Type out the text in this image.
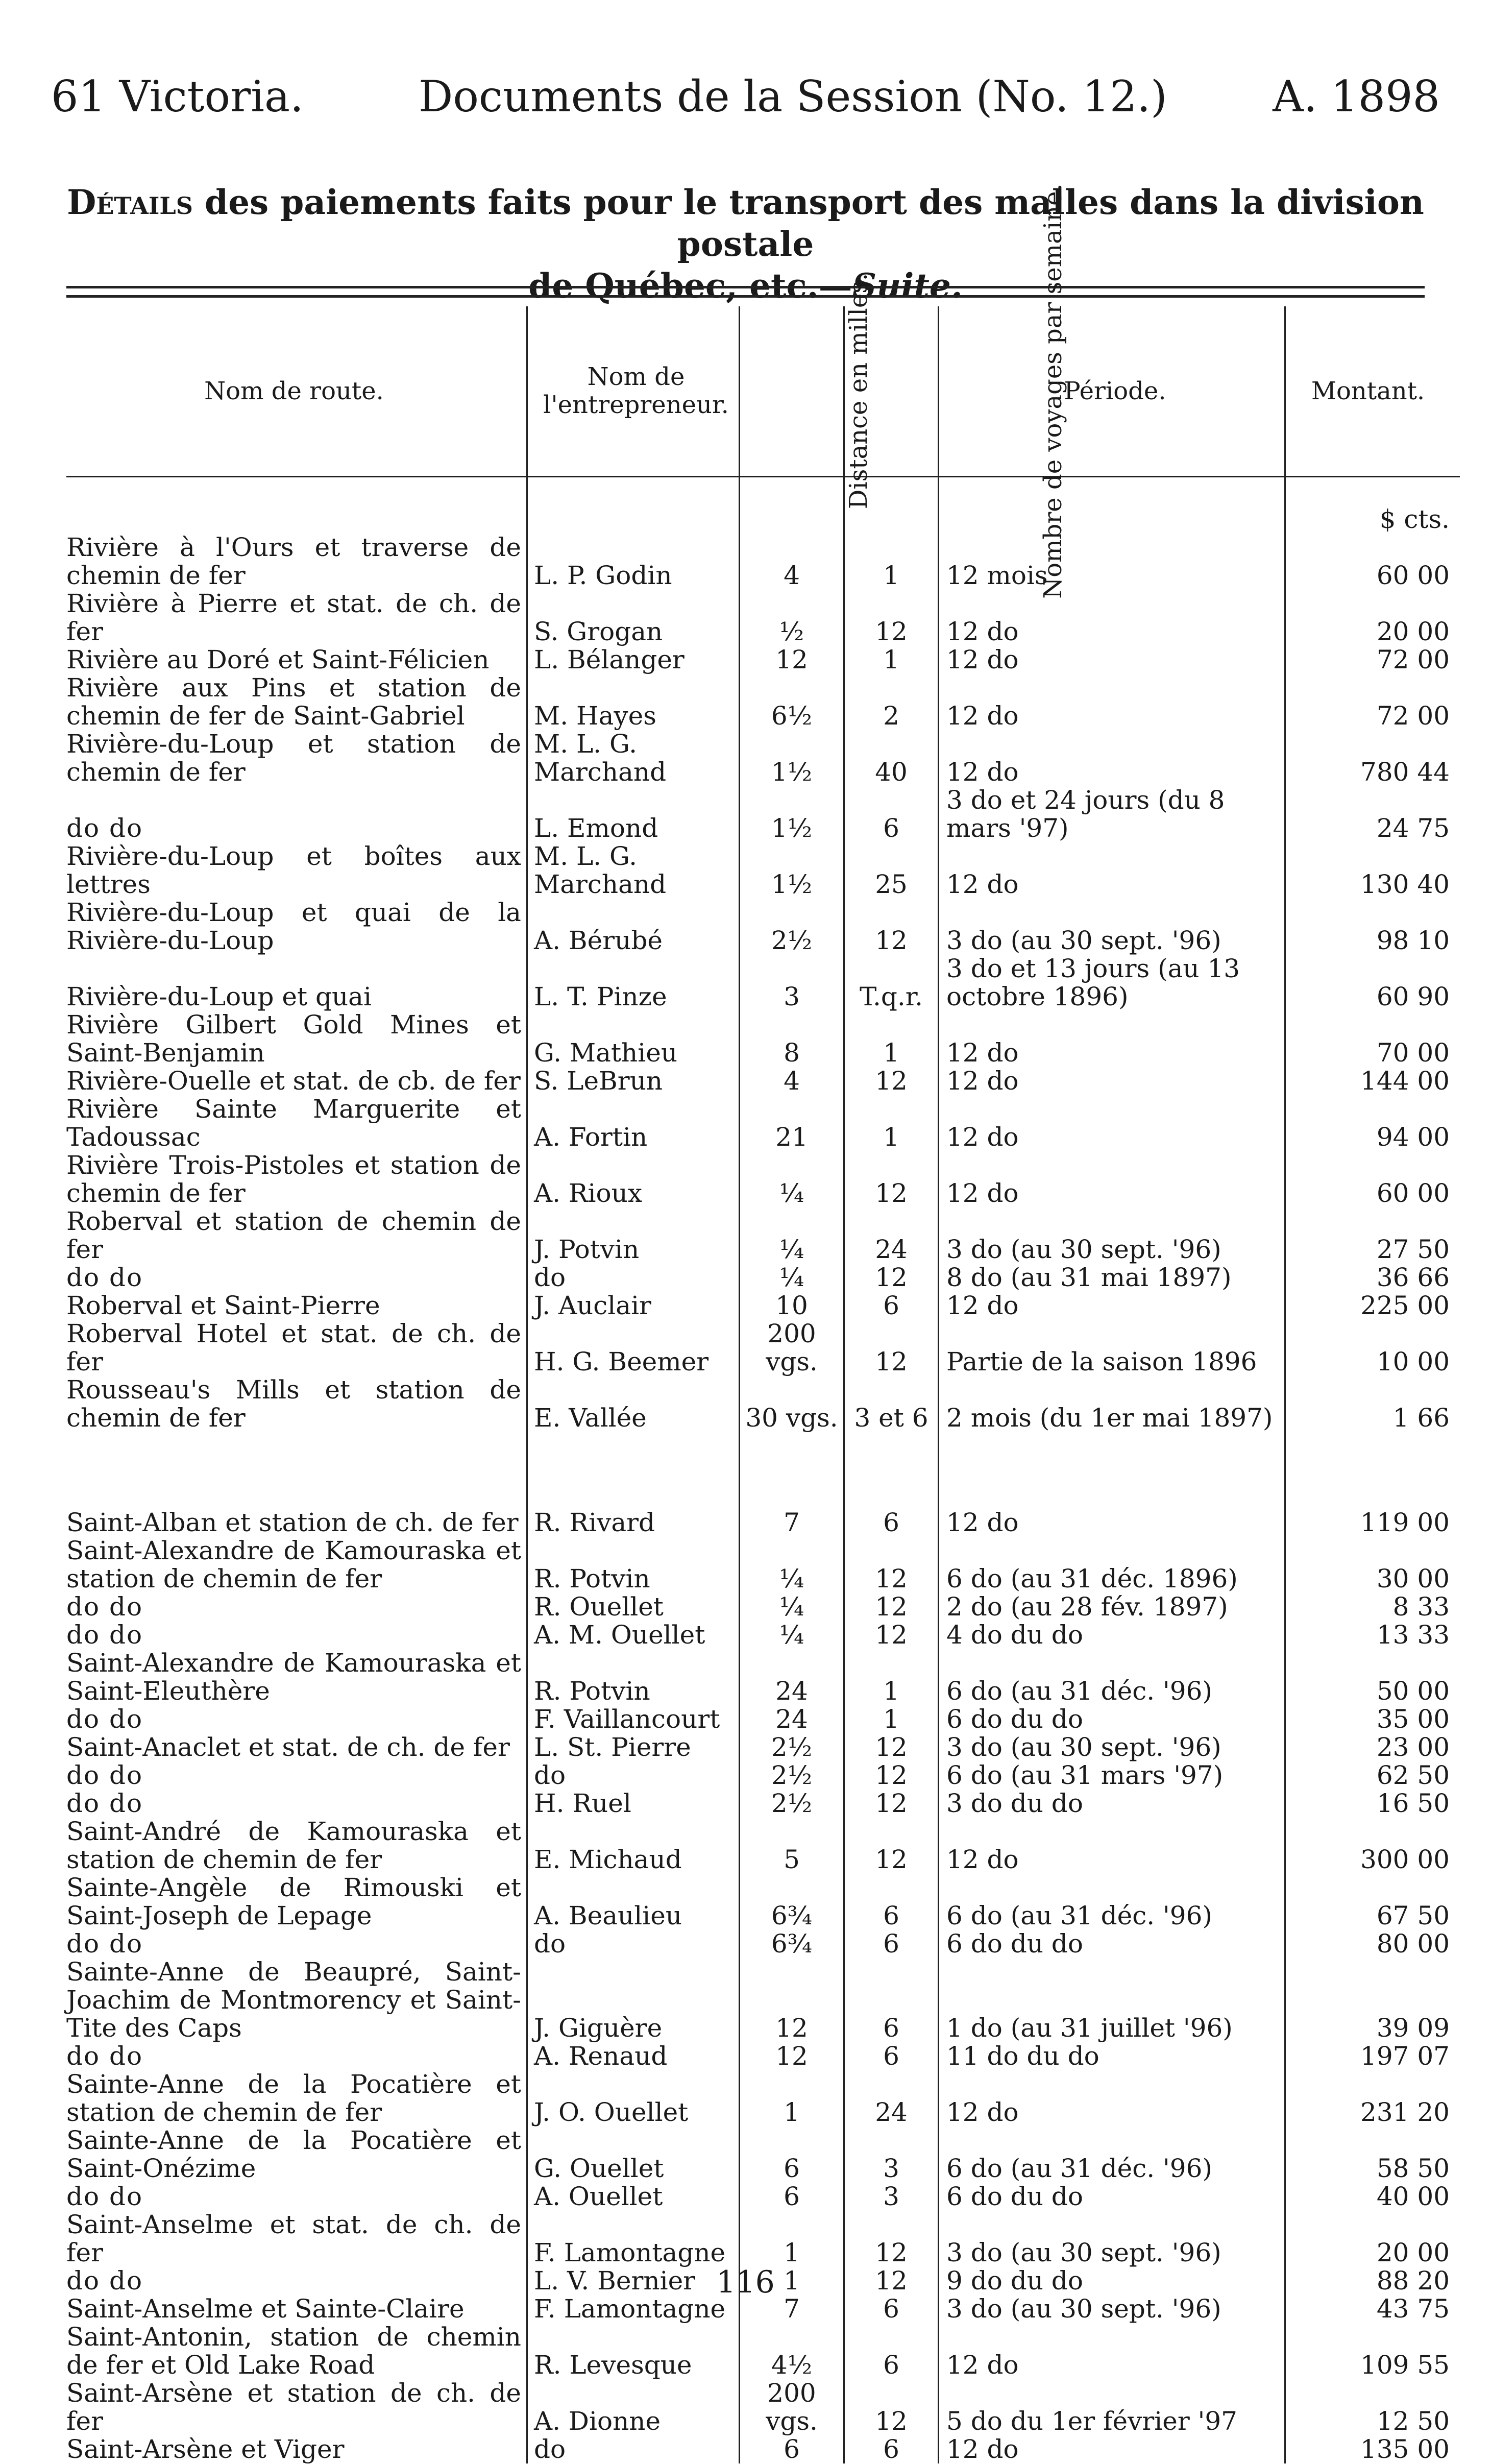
61 Victoria.	Documents de la Session (No. 12.) A. 1898
Détails des paiements faits pour le transport des malles dans la division postale
de Québec, etc.—Suite.
Nom de route.	Nom de l'entrepreneur.	Distance en milles.	Nombre de voyages par semaine.	Période.	Montant.
					$ cts.
Rivière à l'Ours et traverse de chemin de fer	L. P. Godin	4	1	12 mois	60 00
Rivière à Pierre et stat. de ch. de fer	S. Grogan	½	12	12 do	20 00
Rivière au Doré et Saint-Félicien	L. Bélanger	12	1	12 do	72 00
Rivière aux Pins et station de chemin de fer de Saint-Gabriel	M. Hayes	6½	2	12 do	72 00
Rivière-du-Loup et station de chemin de fer	M. L. G. Marchand	1½	40	12 do	780 44
do do	L. Emond	1½	6	3 do et 24 jours (du 8 mars '97)	24 75
Rivière-du-Loup et boîtes aux lettres	M. L. G. Marchand	1½	25	12 do	130 40
Rivière-du-Loup et quai de la Rivière-du-Loup	A. Bérubé	2½	12	3 do (au 30 sept. '96)	98 10
Rivière-du-Loup et quai	L. T. Pinze	3	T.q.r.	3 do et 13 jours (au 13 octobre 1896)	60 90
Rivière Gilbert Gold Mines et Saint-Benjamin	G. Mathieu	8	1	12 do	70 00
Rivière-Ouelle et stat. de cb. de fer	S. LeBrun	4	12	12 do	144 00
Rivière Sainte Marguerite et Tadoussac	A. Fortin	21	1	12 do	94 00
Rivière Trois-Pistoles et station de chemin de fer	A. Rioux	¼	12	12 do	60 00
Roberval et station de chemin de fer	J. Potvin	¼	24	3 do (au 30 sept. '96)	27 50
do do	do	¼	12	8 do (au 31 mai 1897)	36 66
Roberval et Saint-Pierre	J. Auclair	10	6	12 do	225 00
Roberval Hotel et stat. de ch. de fer	H. G. Beemer	200 vgs.	12	Partie de la saison 1896	10 00
Rousseau's Mills et station de chemin de fer	E. Vallée	30 vgs.	3 et 6	2 mois (du 1er mai 1897)	1 66

Saint-Alban et station de ch. de fer	R. Rivard	7	6	12 do	119 00
Saint-Alexandre de Kamouraska et station de chemin de fer	R. Potvin	¼	12	6 do (au 31 déc. 1896)	30 00
do do	R. Ouellet	¼	12	2 do (au 28 fév. 1897)	8 33
do do	A. M. Ouellet	¼	12	4 do du do	13 33
Saint-Alexandre de Kamouraska et Saint-Eleuthère	R. Potvin	24	1	6 do (au 31 déc. '96)	50 00
do do	F. Vaillancourt	24	1	6 do du do	35 00
Saint-Anaclet et stat. de ch. de fer	L. St. Pierre	2½	12	3 do (au 30 sept. '96)	23 00
do do	do	2½	12	6 do (au 31 mars '97)	62 50
do do	H. Ruel	2½	12	3 do du do	16 50
Saint-André de Kamouraska et station de chemin de fer	E. Michaud	5	12	12 do	300 00
Sainte-Angèle de Rimouski et Saint-Joseph de Lepage	A. Beaulieu	6¾	6	6 do (au 31 déc. '96)	67 50
do do	do	6¾	6	6 do du do	80 00
Sainte-Anne de Beaupré, Saint-Joachim de Montmorency et Saint-Tite des Caps	J. Giguère	12	6	1 do (au 31 juillet '96)	39 09
do do	A. Renaud	12	6	11 do du do	197 07
Sainte-Anne de la Pocatière et station de chemin de fer	J. O. Ouellet	1	24	12 do	231 20
Sainte-Anne de la Pocatière et Saint-Onézime	G. Ouellet	6	3	6 do (au 31 déc. '96)	58 50
do do	A. Ouellet	6	3	6 do du do	40 00
Saint-Anselme et stat. de ch. de fer	F. Lamontagne	1	12	3 do (au 30 sept. '96)	20 00
do do	L. V. Bernier	1	12	9 do du do	88 20
Saint-Anselme et Sainte-Claire	F. Lamontagne	7	6	3 do (au 30 sept. '96)	43 75
Saint-Antonin, station de chemin de fer et Old Lake Road	R. Levesque	4½	6	12 do	109 55
Saint-Arsène et station de ch. de fer	A. Dionne	200 vgs.	12	5 do du 1er février '97	12 50
Saint-Arsène et Viger	do	6	6	12 do	135 00
116
